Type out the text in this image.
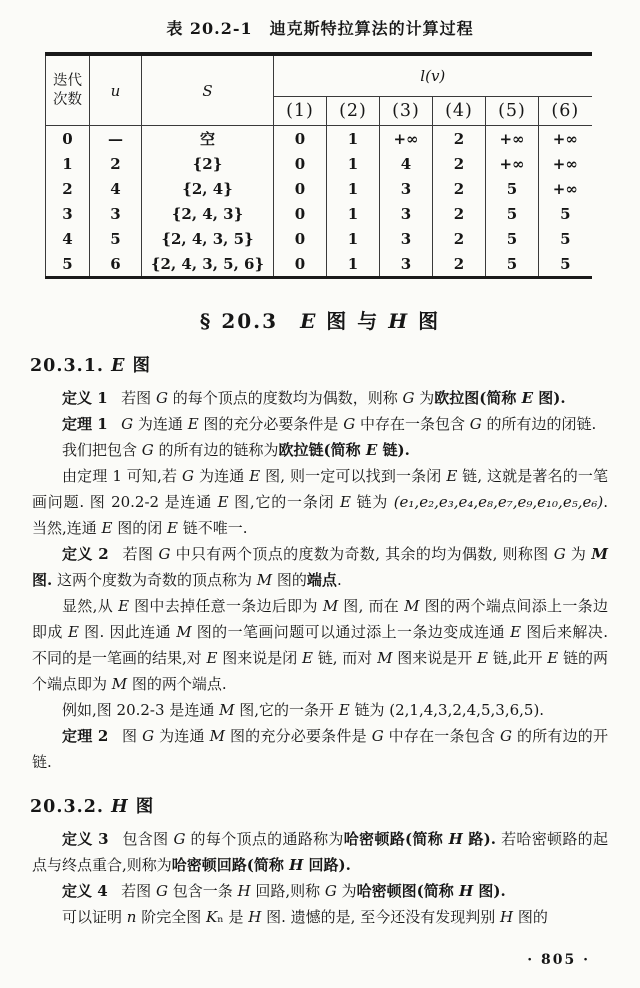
表 20.2-1　迪克斯特拉算法的计算过程
迭代次数	u	S	l(v)					
			(1)	(2)	(3)	(4)	(5)	(6)
0	—	空	0	1	+∞	2	+∞	+∞
1	2	{2}	0	1	4	2	+∞	+∞
2	4	{2, 4}	0	1	3	2	5	+∞
3	3	{2, 4, 3}	0	1	3	2	5	5
4	5	{2, 4, 3, 5}	0	1	3	2	5	5
5	6	{2, 4, 3, 5, 6}	0	1	3	2	5	5
§ 20.3　E 图 与 H 图
20.3.1. E 图

定义 1 若图 G 的每个顶点的度数均为偶数，则称 G 为欧拉图(简称 E 图).

定理 1 G 为连通 E 图的充分必要条件是 G 中存在一条包含 G 的所有边的闭链.

我们把包含 G 的所有边的链称为欧拉链(简称 E 链).

由定理 1 可知,若 G 为连通 E 图, 则一定可以找到一条闭 E 链, 这就是著名的一笔画问题. 图 20.2-2 是连通 E 图,它的一条闭 E 链为 (e₁,e₂,e₃,e₄,e₈,e₇,e₉,e₁₀,e₅,e₆). 当然,连通 E 图的闭 E 链不唯一.

定义 2 若图 G 中只有两个顶点的度数为奇数, 其余的均为偶数, 则称图 G 为 M 图. 这两个度数为奇数的顶点称为 M 图的端点.

显然,从 E 图中去掉任意一条边后即为 M 图, 而在 M 图的两个端点间添上一条边即成 E 图. 因此连通 M 图的一笔画问题可以通过添上一条边变成连通 E 图后来解决. 不同的是一笔画的结果,对 E 图来说是闭 E 链, 而对 M 图来说是开 E 链,此开 E 链的两个端点即为 M 图的两个端点.

例如,图 20.2-3 是连通 M 图,它的一条开 E 链为 (2,1,4,3,2,4,5,3,6,5).

定理 2 图 G 为连通 M 图的充分必要条件是 G 中存在一条包含 G 的所有边的开链.

20.3.2. H 图

定义 3 包含图 G 的每个顶点的通路称为哈密顿路(简称 H 路). 若哈密顿路的起点与终点重合,则称为哈密顿回路(简称 H 回路).

定义 4 若图 G 包含一条 H 回路,则称 G 为哈密顿图(简称 H 图).

可以证明 n 阶完全图 Kₙ 是 H 图. 遗憾的是, 至今还没有发现判别 H 图的

· 805 ·
